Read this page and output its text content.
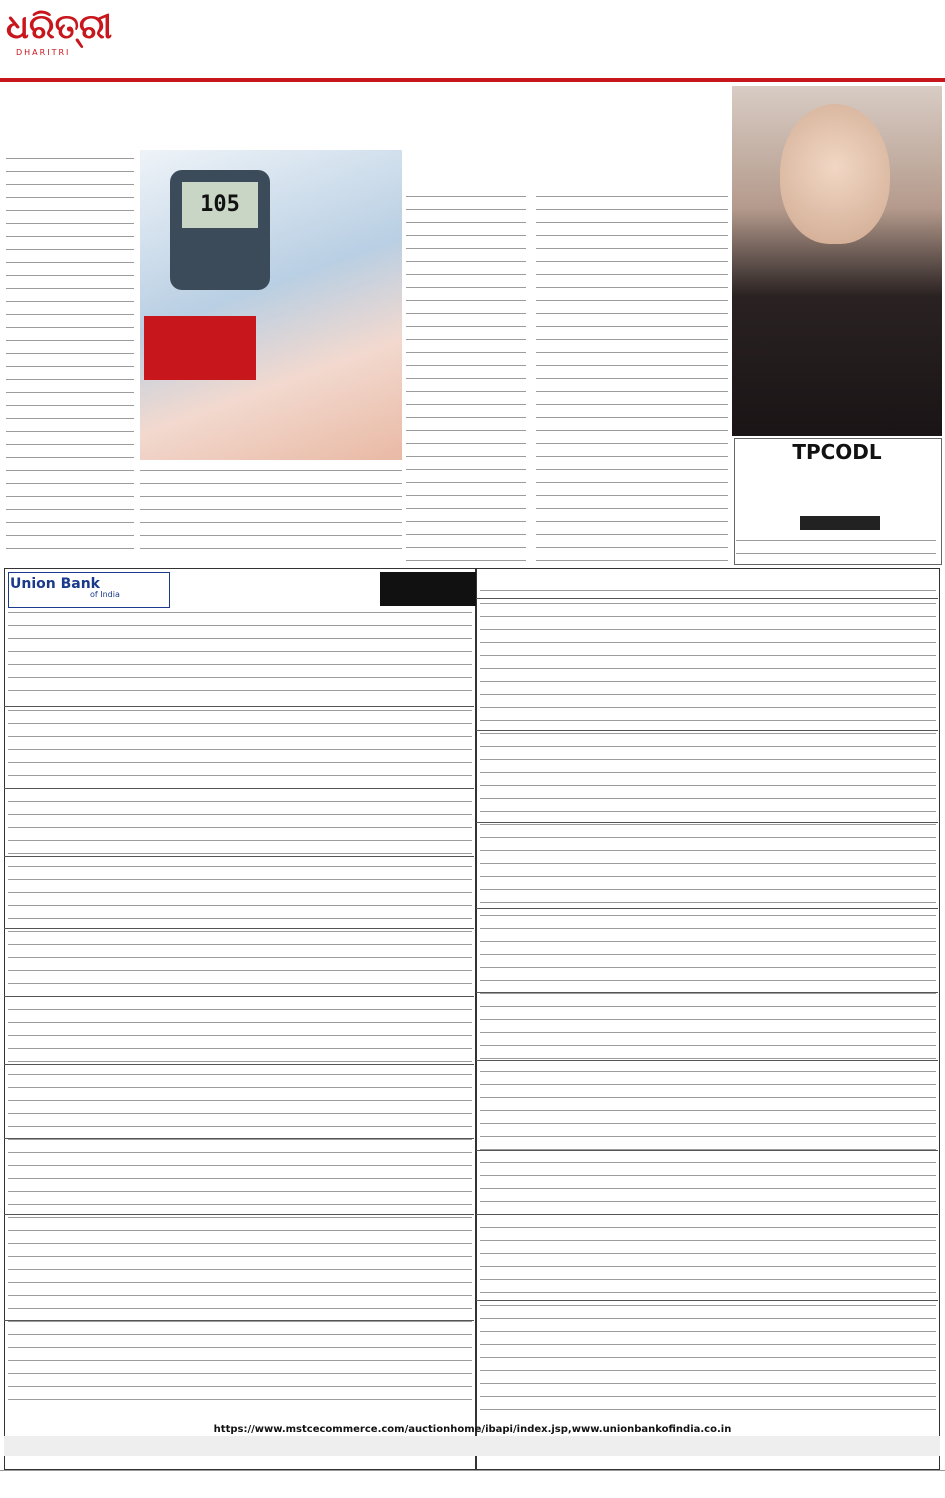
ଧରିତ୍ରୀ
DHARITRI
105
TPCODL
Union Bank
of India
https://www.mstcecommerce.com/auctionhome/ibapi/index.jsp,www.unionbankofindia.co.in
